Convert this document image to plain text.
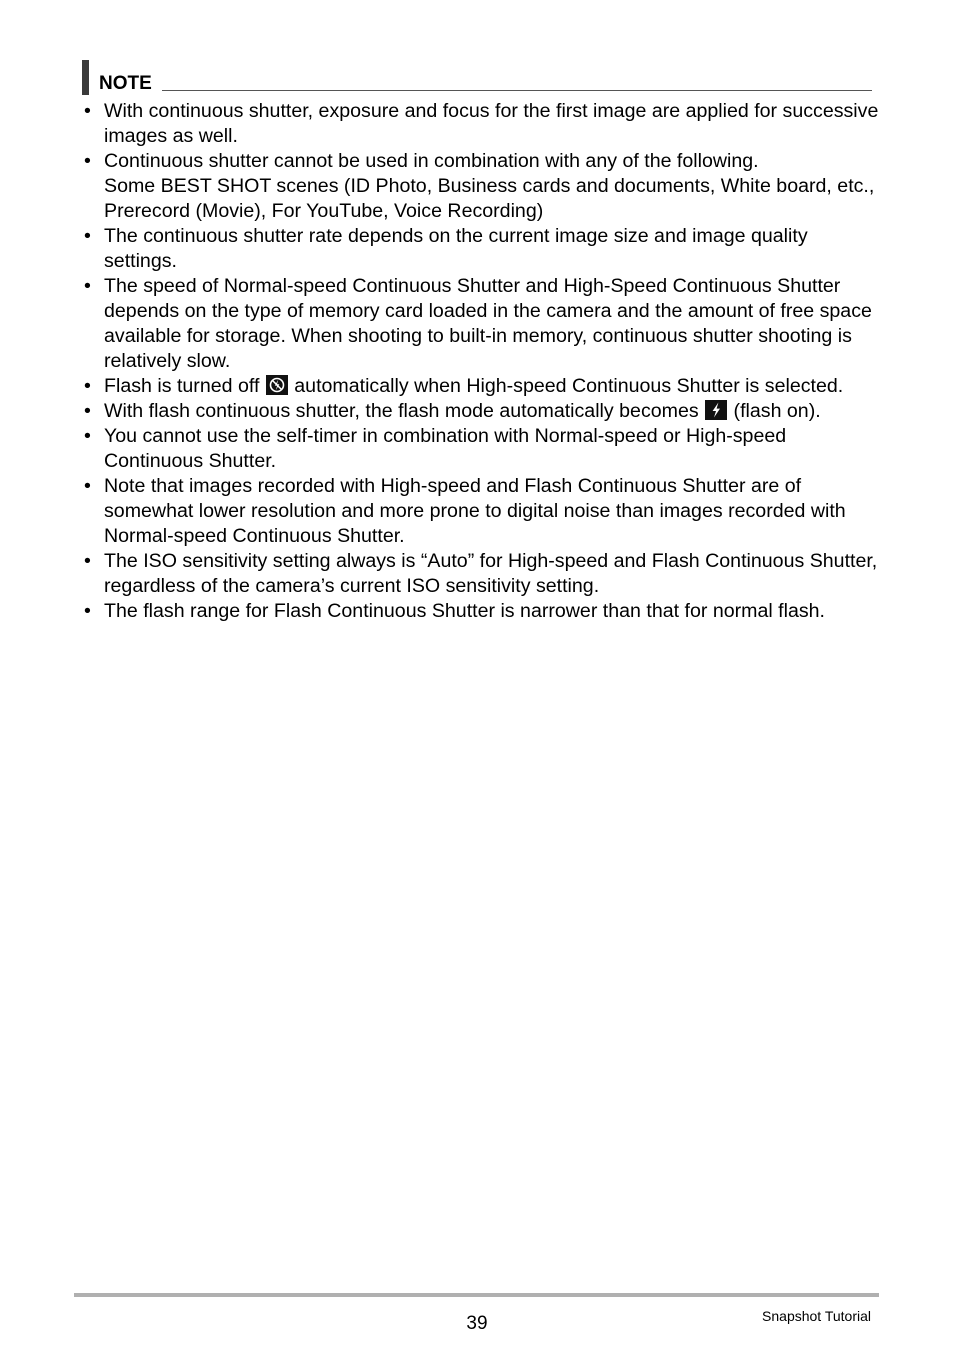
NOTE
• With continuous shutter, exposure and focus for the first image are applied for successive images as well.
• Continuous shutter cannot be used in combination with any of the following.
Some BEST SHOT scenes (ID Photo, Business cards and documents, White board, etc., Prerecord (Movie), For YouTube, Voice Recording)
• The continuous shutter rate depends on the current image size and image quality settings.
• The speed of Normal-speed Continuous Shutter and High-Speed Continuous Shutter depends on the type of memory card loaded in the camera and the amount of free space available for storage. When shooting to built-in memory, continuous shutter shooting is relatively slow.
• Flash is turned off
automatically when High-speed Continuous Shutter is selected.
• With flash continuous shutter, the flash mode automatically becomes
(flash on).
• You cannot use the self-timer in combination with Normal-speed or High-speed Continuous Shutter.
• Note that images recorded with High-speed and Flash Continuous Shutter are of somewhat lower resolution and more prone to digital noise than images recorded with Normal-speed Continuous Shutter.
• The ISO sensitivity setting always is “Auto” for High-speed and Flash Continuous Shutter, regardless of the camera’s current ISO sensitivity setting.
• The flash range for Flash Continuous Shutter is narrower than that for normal flash.
39	Snapshot Tutorial
